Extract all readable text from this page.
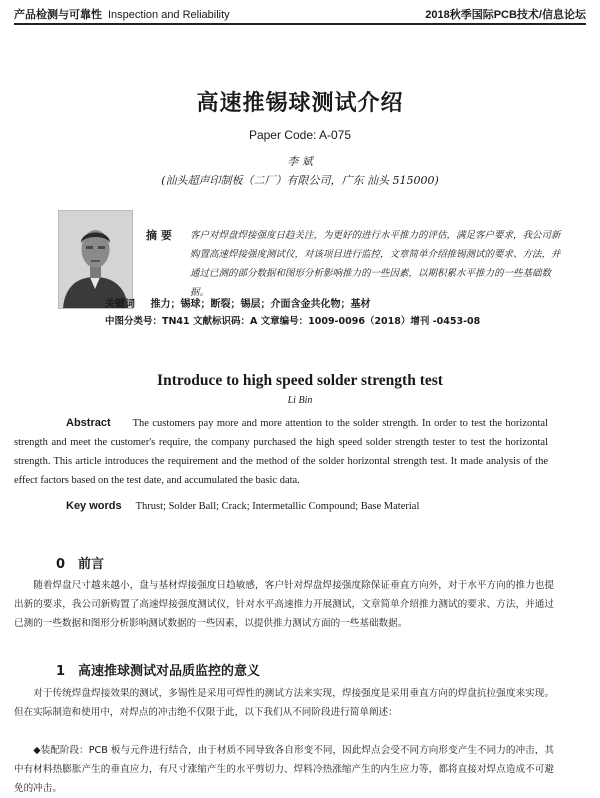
产品检测与可靠性 Inspection and Reliability	2018秋季国际PCB技术/信息论坛
高速推锡球测试介绍
Paper Code: A-075
李 斌
(汕头超声印制板（二厂）有限公司，广东 汕头 515000)
摘 要 客户对焊盘焊接强度日趋关注，为更好的进行水平推力的评估，满足客户要求，我公司新购置高速焊接强度测试仪，对该项目进行监控，文章简单介绍推锡测试的要求、方法，并通过已测的部分数据和图形分析影响推力的一些因素，以期积累水平推力的一些基础数据。
关键词 推力；锡球；断裂；锡层；介面含金共化物；基材
中图分类号：TN41 文献标识码：A 文章编号：1009-0096（2018）增刊 -0453-08
Introduce to high speed solder strength test
Li Bin
Abstract The customers pay more and more attention to the solder strength. In order to test the horizontal strength and meet the customer's require, the company purchased the high speed solder strength tester to test the horizontal strength. This article introduces the requirement and the method of the solder horizontal strength test. It made analysis of the effect factors based on the test date, and accumulated the basic data.
Key words Thrust; Solder Ball; Crack; Intermetallic Compound; Base Material
0 前言
随着焊盘尺寸越来越小，盘与基材焊接强度日趋敏感，客户针对焊盘焊接强度除保证垂直方向外，对于水平方向的推力也提出新的要求，我公司新购置了高速焊接强度测试仪，针对水平高速推力开展测试，文章简单介绍推力测试的要求、方法，并通过已测的一些数据和图形分析影响测试数据的一些因素，以提供推力测试方面的一些基础数据。
1 高速推球测试对品质监控的意义
对于传统焊盘焊接效果的测试，多锡性是采用可焊性的测试方法来实现，焊接强度是采用垂直方向的焊盘抗拉强度来实现。但在实际制造和使用中，对焊点的冲击绝不仅限于此，以下我们从不同阶段进行简单阐述：
◆装配阶段：PCB 板与元件进行结合，由于材质不同导致各自形变不同，因此焊点会受不同方向形变产生不同力的冲击，其中有材料热膨胀产生的垂直应力，有尺寸涨缩产生的水平剪切力、焊料冷热涨缩产生的内生应力等，都将直接对焊点造成不可避免的冲击。
